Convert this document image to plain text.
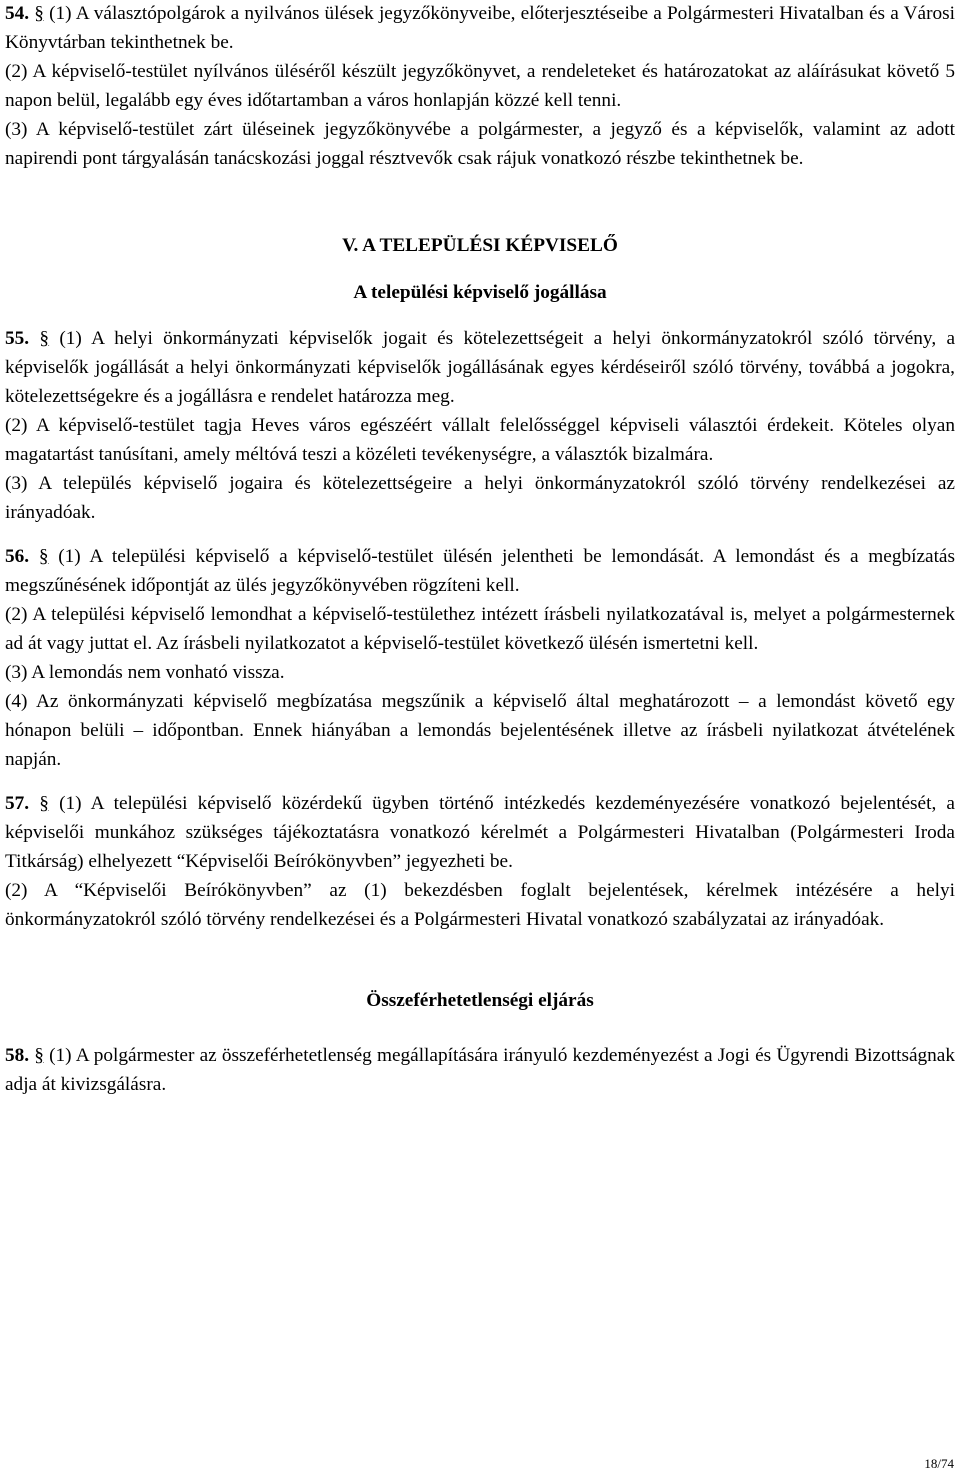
54. § (1) A választópolgárok a nyilvános ülések jegyzőkönyveibe, előterjesztéseibe a Polgármesteri Hivatalban és a Városi Könyvtárban tekinthetnek be.

(2) A képviselő-testület nyílvános üléséről készült jegyzőkönyvet, a rendeleteket és határozatokat az aláírásukat követő 5 napon belül, legalább egy éves időtartamban a város honlapján közzé kell tenni.

(3) A képviselő-testület zárt üléseinek jegyzőkönyvébe a polgármester, a jegyző és a képviselők, valamint az adott napirendi pont tárgyalásán tanácskozási joggal résztvevők csak rájuk vonatkozó részbe tekinthetnek be.

V. A TELEPÜLÉSI KÉPVISELŐ

A települési képviselő jogállása

55. § (1) A helyi önkormányzati képviselők jogait és kötelezettségeit a helyi önkormányzatokról szóló törvény, a képviselők jogállását a helyi önkormányzati képviselők jogállásának egyes kérdéseiről szóló törvény, továbbá a jogokra, kötelezettségekre és a jogállásra e rendelet határozza meg.

(2) A képviselő-testület tagja Heves város egészéért vállalt felelősséggel képviseli választói érdekeit. Köteles olyan magatartást tanúsítani, amely méltóvá teszi a közéleti tevékenységre, a választók bizalmára.

(3) A település képviselő jogaira és kötelezettségeire a helyi önkormányzatokról szóló törvény rendelkezései az irányadóak.

56. § (1) A települési képviselő a képviselő-testület ülésén jelentheti be lemondását. A lemondást és a megbízatás megszűnésének időpontját az ülés jegyzőkönyvében rögzíteni kell.

(2) A települési képviselő lemondhat a képviselő-testülethez intézett írásbeli nyilatkozatával is, melyet a polgármesternek ad át vagy juttat el. Az írásbeli nyilatkozatot a képviselő-testület következő ülésén ismertetni kell.

(3) A lemondás nem vonható vissza.

(4) Az önkormányzati képviselő megbízatása megszűnik a képviselő által meghatározott – a lemondást követő egy hónapon belüli – időpontban. Ennek hiányában a lemondás bejelentésének illetve az írásbeli nyilatkozat átvételének napján.

57. § (1) A települési képviselő közérdekű ügyben történő intézkedés kezdeményezésére vonatkozó bejelentését, a képviselői munkához szükséges tájékoztatásra vonatkozó kérelmét a Polgármesteri Hivatalban (Polgármesteri Iroda Titkárság) elhelyezett “Képviselői Beírókönyvben” jegyezheti be.

(2) A “Képviselői Beírókönyvben” az (1) bekezdésben foglalt bejelentések, kérelmek intézésére a helyi önkormányzatokról szóló törvény rendelkezései és a Polgármesteri Hivatal vonatkozó szabályzatai az irányadóak.

Összeférhetetlenségi eljárás

58. § (1) A polgármester az összeférhetetlenség megállapítására irányuló kezdeményezést a Jogi és Ügyrendi Bizottságnak adja át kivizsgálásra.

18/74
